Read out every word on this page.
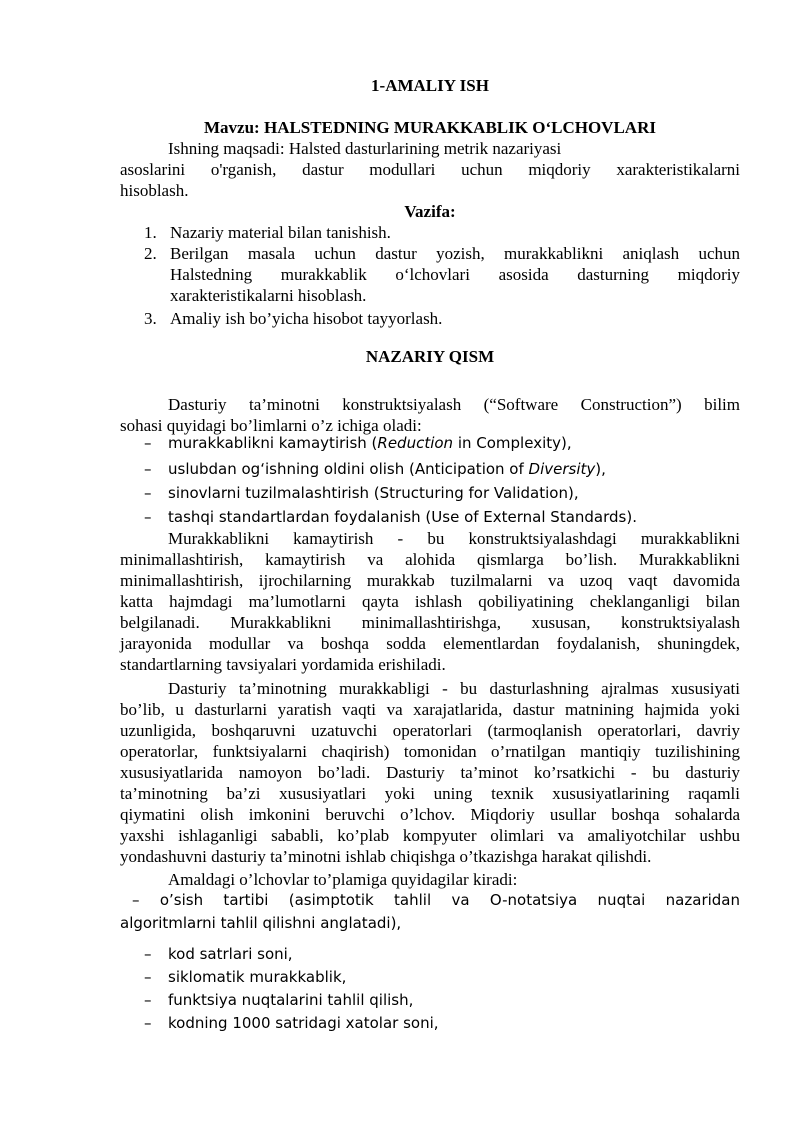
1-AMALIY ISH
Mavzu: HALSTEDNING MURAKKABLIK O‘LCHOVLARI
Ishning maqsadi: Halsted dasturlarining metrik nazariyasi
asoslarini o'rganish, dastur modullari uchun miqdoriy xarakteristikalarni
hisoblash.
Vazifa:
1. Nazariy material bilan tanishish.
2. Berilgan masala uchun dastur yozish, murakkablikni aniqlash uchun
Halstedning murakkablik o‘lchovlari asosida dasturning miqdoriy
xarakteristikalarni hisoblash.
3. Amaliy ish bo’yicha hisobot tayyorlash.
NAZARIY QISM
Dasturiy ta’minotni konstruktsiyalash (“Software Construction”) bilim
sohasi quyidagi bo’limlarni o’z ichiga oladi:
– murakkablikni kamaytirish (Reduction in Complexity),
– uslubdan og‘ishning oldini olish (Anticipation of Diversity),
– sinovlarni tuzilmalashtirish (Structuring for Validation),
– tashqi standartlardan foydalanish (Use of External Standards).
Murakkablikni kamaytirish - bu konstruktsiyalashdagi murakkablikni
minimallashtirish, kamaytirish va alohida qismlarga bo’lish. Murakkablikni
minimallashtirish, ijrochilarning murakkab tuzilmalarni va uzoq vaqt davomida
katta hajmdagi ma’lumotlarni qayta ishlash qobiliyatining cheklanganligi bilan
belgilanadi. Murakkablikni minimallashtirishga, xususan, konstruktsiyalash
jarayonida modullar va boshqa sodda elementlardan foydalanish, shuningdek,
standartlarning tavsiyalari yordamida erishiladi.
Dasturiy ta’minotning murakkabligi - bu dasturlashning ajralmas xususiyati
bo’lib, u dasturlarni yaratish vaqti va xarajatlarida, dastur matnining hajmida yoki
uzunligida, boshqaruvni uzatuvchi operatorlari (tarmoqlanish operatorlari, davriy
operatorlar, funktsiyalarni chaqirish) tomonidan o’rnatilgan mantiqiy tuzilishining
xususiyatlarida namoyon bo’ladi. Dasturiy ta’minot ko’rsatkichi - bu dasturiy
ta’minotning ba’zi xususiyatlari yoki uning texnik xususiyatlarining raqamli
qiymatini olish imkonini beruvchi o’lchov. Miqdoriy usullar boshqa sohalarda
yaxshi ishlaganligi sababli, ko’plab kompyuter olimlari va amaliyotchilar ushbu
yondashuvni dasturiy ta’minotni ishlab chiqishga o’tkazishga harakat qilishdi.
Amaldagi o’lchovlar to’plamiga quyidagilar kiradi:
– o’sish tartibi (asimptotik tahlil va O-notatsiya nuqtai nazaridan
algoritmlarni tahlil qilishni anglatadi),
– kod satrlari soni,
– siklomatik murakkablik,
– funktsiya nuqtalarini tahlil qilish,
– kodning 1000 satridagi xatolar soni,
